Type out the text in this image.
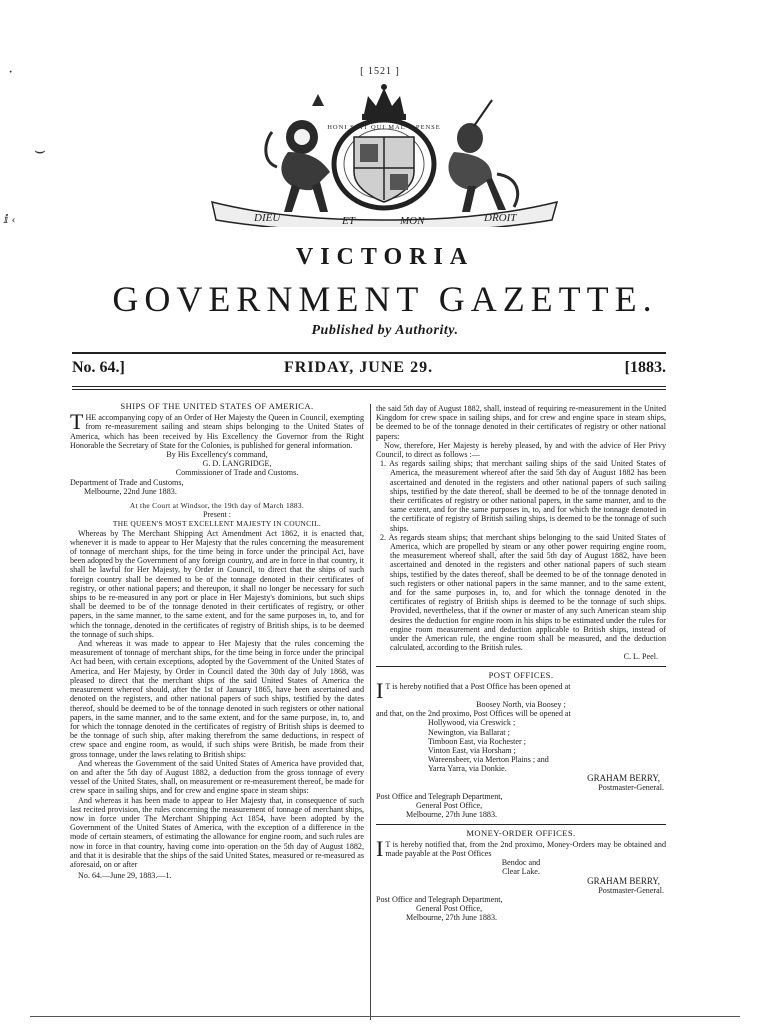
·
⌣
ⅈ ‹
[ 1521 ]
HONI SOIT QUI MAL Y PENSE
DIEU	ET	MON	DROIT
VICTORIA
GOVERNMENT GAZETTE.
Published by Authority.
No. 64.]	FRIDAY, JUNE 29.	[1883.

SHIPS OF THE UNITED STATES OF AMERICA.

THE accompanying copy of an Order of Her Majesty the Queen in Council, exempting from re-measurement sailing and steam ships belonging to the United States of America, which has been received by His Excellency the Governor from the Right Honorable the Secretary of State for the Colonies, is published for general information.

By His Excellency's command,

G. D. LANGRIDGE,

Commissioner of Trade and Customs.

Department of Trade and Customs,

Melbourne, 22nd June 1883.

At the Court at Windsor, the 19th day of March 1883.

Present :

THE QUEEN'S MOST EXCELLENT MAJESTY IN COUNCIL.

Whereas by The Merchant Shipping Act Amendment Act 1862, it is enacted that, whenever it is made to appear to Her Majesty that the rules concerning the measurement of tonnage of merchant ships, for the time being in force under the principal Act, have been adopted by the Government of any foreign country, and are in force in that country, it shall be lawful for Her Majesty, by Order in Council, to direct that the ships of such foreign country shall be deemed to be of the tonnage denoted in their certificates of registry, or other national papers; and thereupon, it shall no longer be necessary for such ships to be re-measured in any port or place in Her Majesty's dominions, but such ships shall be deemed to be of the tonnage denoted in their certificates of registry, or other papers, in the same manner, to the same extent, and for the same purposes in, to, and for which the tonnage, denoted in the certificates of registry of British ships, is to be deemed the tonnage of such ships.

And whereas it was made to appear to Her Majesty that the rules concerning the measurement of tonnage of merchant ships, for the time being in force under the principal Act had been, with certain exceptions, adopted by the Government of the United States of America, and Her Majesty, by Order in Council dated the 30th day of July 1868, was pleased to direct that the merchant ships of the said United States of America the measurement whereof should, after the 1st of January 1865, have been ascertained and denoted on the registers, and other national papers of such ships, testified by the dates thereof, should be deemed to be of the tonnage denoted in such registers or other national papers, in the same manner, and to the same extent, and for the same purpose, in, to, and for which the tonnage denoted in the certificates of registry of British ships is deemed to be the tonnage of such ship, after making therefrom the same deductions, in respect of crew space and engine room, as would, if such ships were British, be made from their gross tonnage, under the laws relating to British ships:

And whereas the Government of the said United States of America have provided that, on and after the 5th day of August 1882, a deduction from the gross tonnage of every vessel of the United States, shall, on measurement or re-measurement thereof, be made for crew space in sailing ships, and for crew and engine space in steam ships:

And whereas it has been made to appear to Her Majesty that, in consequence of such last recited provision, the rules concerning the measurement of tonnage of merchant ships, now in force under The Merchant Shipping Act 1854, have been adopted by the Government of the United States of America, with the exception of a difference in the mode of certain steamers, of estimating the allowance for engine room, and such rules are now in force in that country, having come into operation on the 5th day of August 1882, and that it is desirable that the ships of the said United States, measured or re-measured as aforesaid, on or after

No. 64.—June 29, 1883.—1.

the said 5th day of August 1882, shall, instead of requiring re-measurement in the United Kingdom for crew space in sailing ships, and for crew and engine space in steam ships, be deemed to be of the tonnage denoted in their certificates of registry or other national papers:

Now, therefore, Her Majesty is hereby pleased, by and with the advice of Her Privy Council, to direct as follows :—

1. As regards sailing ships; that merchant sailing ships of the said United States of America, the measurement whereof after the said 5th day of August 1882 has been ascertained and denoted in the registers and other national papers of such sailing ships, testified by the date thereof, shall be deemed to be of the tonnage denoted in their certificates of registry or other national papers, in the same manner, and to the same extent, and for the same purposes in, to, and for which the tonnage denoted in the certificate of registry of British sailing ships, is deemed to be the tonnage of such ships.

2. As regards steam ships; that merchant ships belonging to the said United States of America, which are propelled by steam or any other power requiring engine room, the measurement whereof shall, after the said 5th day of August 1882, have been ascertained and denoted in the registers and other national papers of such steam ships, testified by the dates thereof, shall be deemed to be of the tonnage denoted in such registers or other national papers in the same manner, and to the same extent, and for the same purposes in, to, and for which the tonnage denoted in the certificates of registry of British ships is deemed to be the tonnage of such ships. Provided, nevertheless, that if the owner or master of any such American steam ship desires the deduction for engine room in his ships to be estimated under the rules for engine room measurement and deduction applicable to British ships, instead of under the American rule, the engine room shall be measured, and the deduction calculated, according to the British rules.

C. L. Peel.

POST OFFICES.

I T is hereby notified that a Post Office has been opened at

Boosey North, via Boosey ;

and that, on the 2nd proximo, Post Offices will be opened at

Hollywood, via Creswick ;

Newington, via Ballarat ;

Timboon East, via Rochester ;

Vinton East, via Horsham ;

Wareensbeer, via Merton Plains ; and

Yarra Yarra, via Donkie.

GRAHAM BERRY,

Postmaster-General.

Post Office and Telegraph Department,

General Post Office,

Melbourne, 27th June 1883.

MONEY-ORDER OFFICES.

I T is hereby notified that, from the 2nd proximo, Money-Orders may be obtained and made payable at the Post Offices

Bendoc and

Clear Lake.

GRAHAM BERRY,

Postmaster-General.

Post Office and Telegraph Department,

General Post Office,

Melbourne, 27th June 1883.
